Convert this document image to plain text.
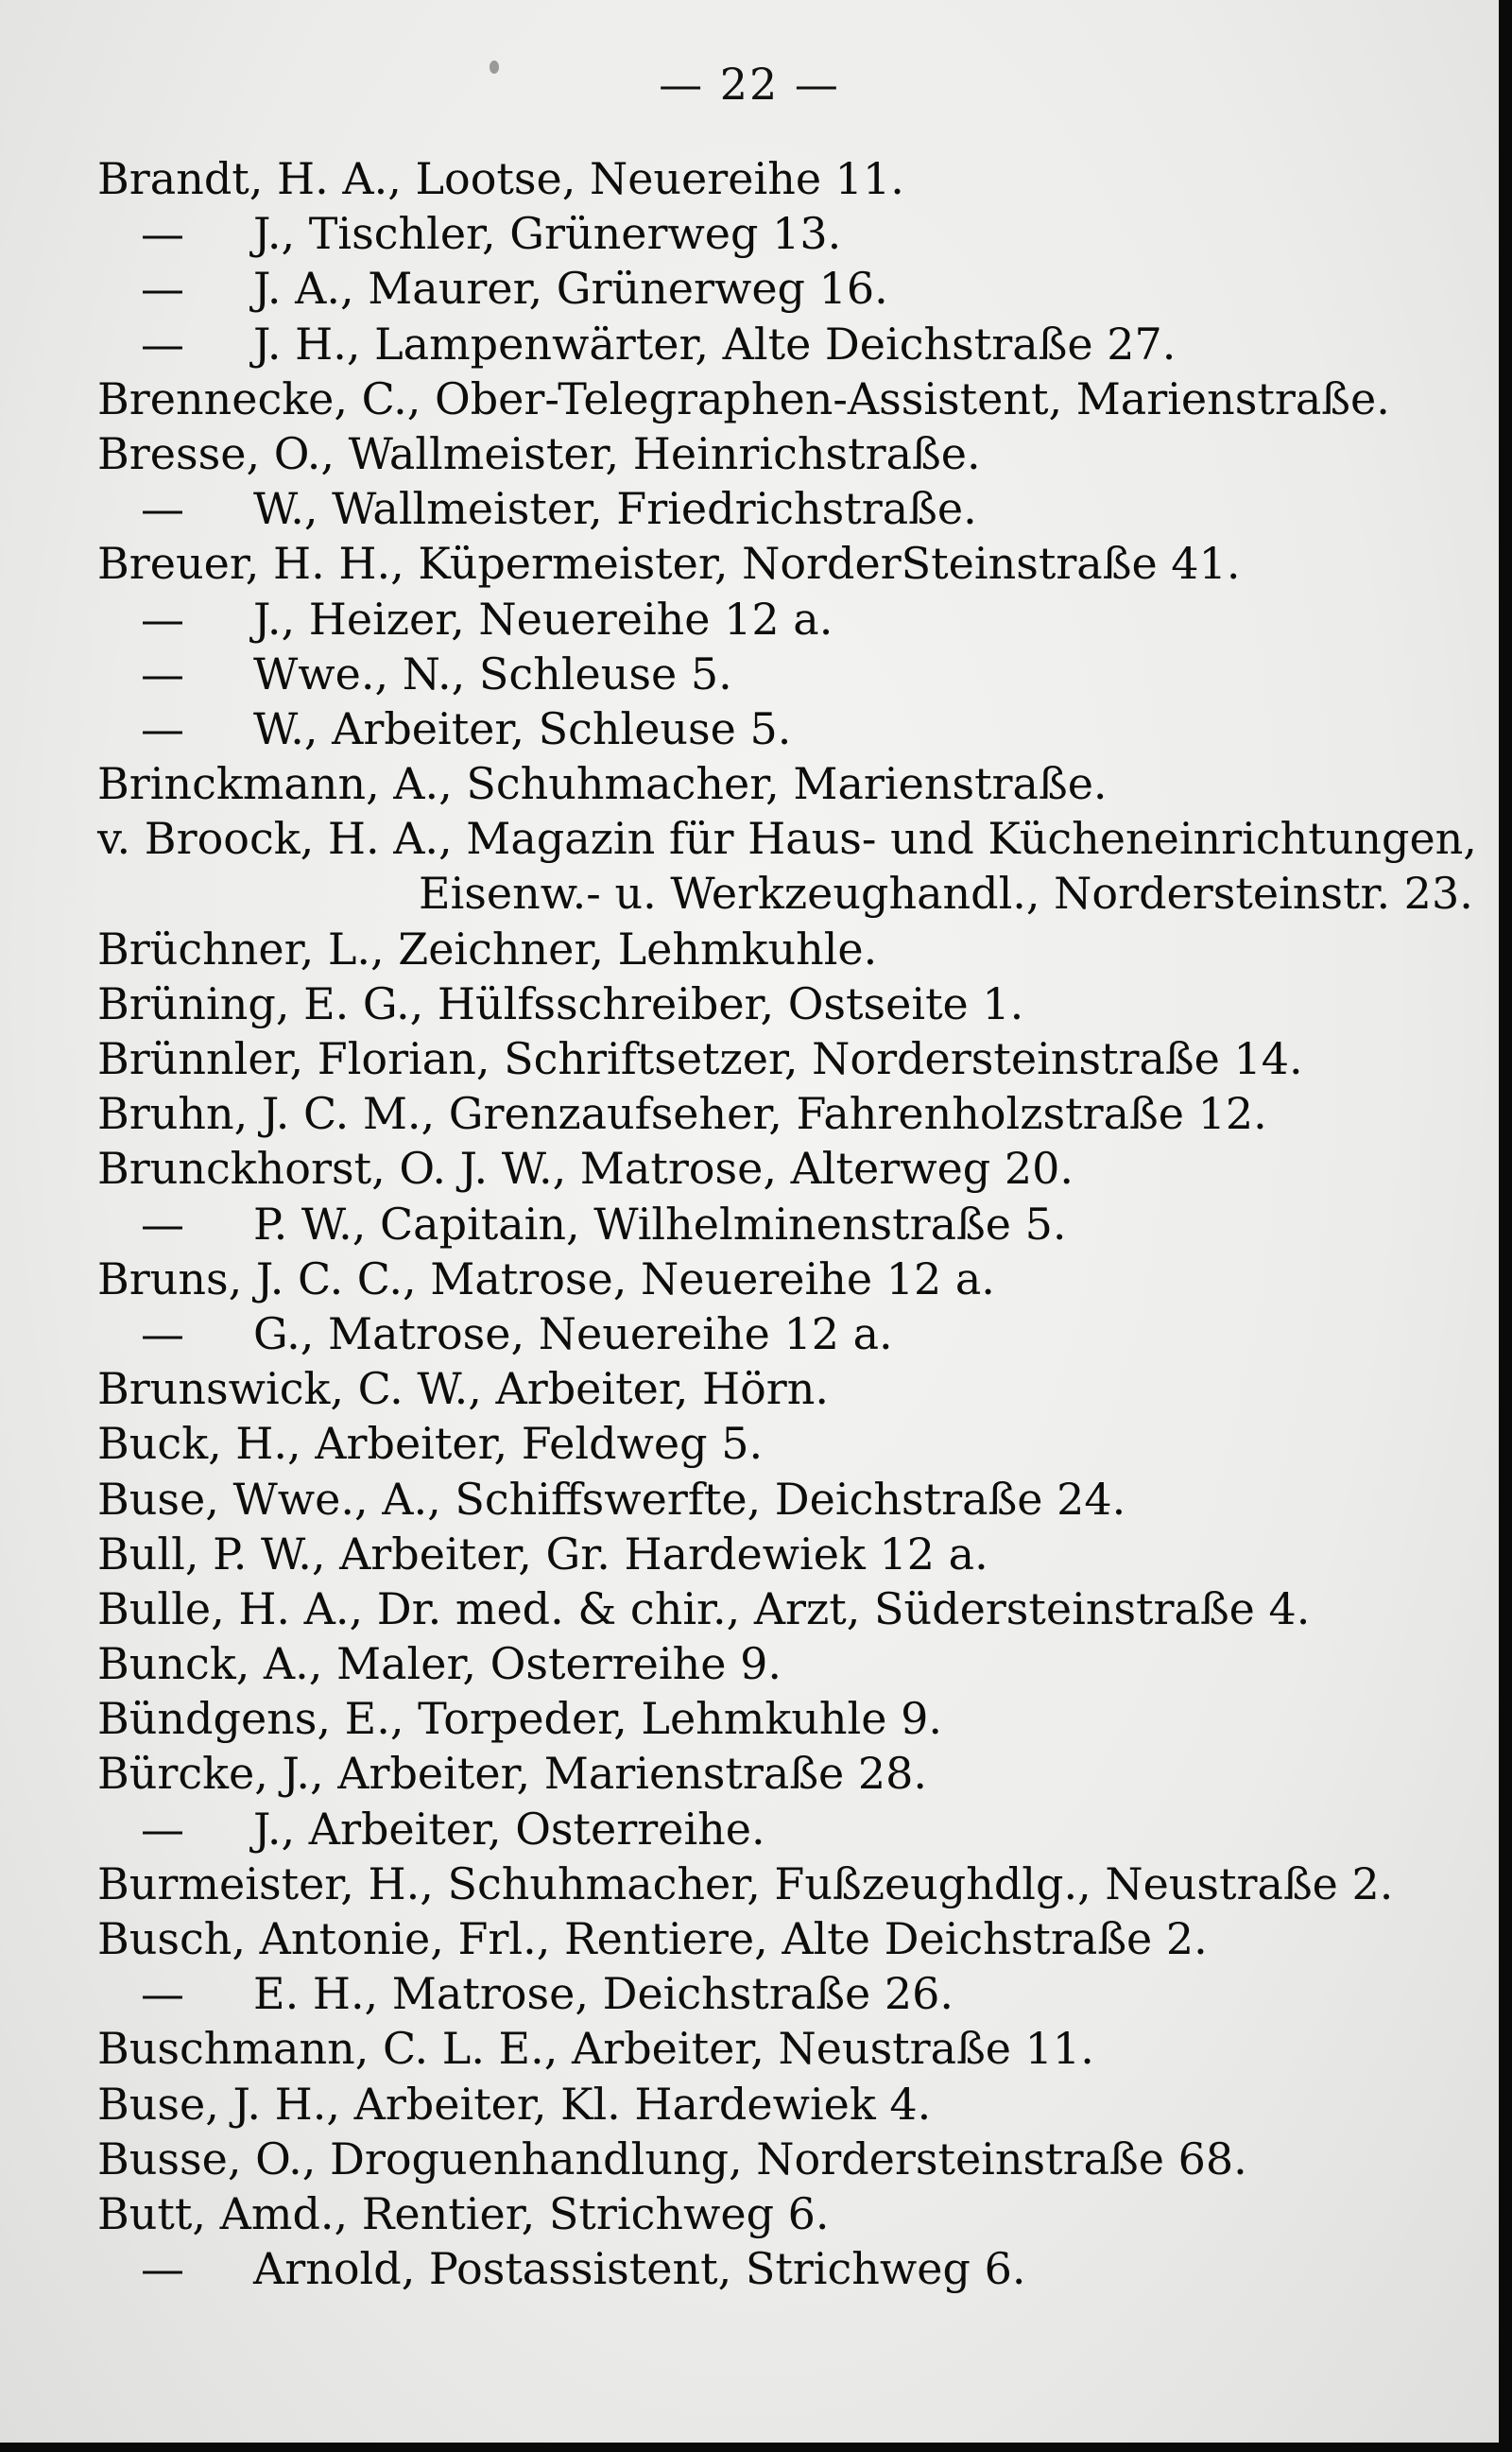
— 22 —
Brandt, H. A., Lootse, Neuereihe 11.
— J., Tischler, Grünerweg 13.
— J. A., Maurer, Grünerweg 16.
— J. H., Lampenwärter, Alte Deichstraße 27.
Brennecke, C., Ober-Telegraphen-Assistent, Marienstraße.
Bresse, O., Wallmeister, Heinrichstraße.
— W., Wallmeister, Friedrichstraße.
Breuer, H. H., Küpermeister, NorderSteinstraße 41.
— J., Heizer, Neuereihe 12 a.
— Wwe., N., Schleuse 5.
— W., Arbeiter, Schleuse 5.
Brinckmann, A., Schuhmacher, Marienstraße.
v. Broock, H. A., Magazin für Haus- und Kücheneinrichtungen,
Eisenw.- u. Werkzeughandl., Nordersteinstr. 23.
Brüchner, L., Zeichner, Lehmkuhle.
Brüning, E. G., Hülfsschreiber, Ostseite 1.
Brünnler, Florian, Schriftsetzer, Nordersteinstraße 14.
Bruhn, J. C. M., Grenzaufseher, Fahrenholzstraße 12.
Brunckhorst, O. J. W., Matrose, Alterweg 20.
— P. W., Capitain, Wilhelminenstraße 5.
Bruns, J. C. C., Matrose, Neuereihe 12 a.
— G., Matrose, Neuereihe 12 a.
Brunswick, C. W., Arbeiter, Hörn.
Buck, H., Arbeiter, Feldweg 5.
Buse, Wwe., A., Schiffswerfte, Deichstraße 24.
Bull, P. W., Arbeiter, Gr. Hardewiek 12 a.
Bulle, H. A., Dr. med. & chir., Arzt, Südersteinstraße 4.
Bunck, A., Maler, Osterreihe 9.
Bündgens, E., Torpeder, Lehmkuhle 9.
Bürcke, J., Arbeiter, Marienstraße 28.
— J., Arbeiter, Osterreihe.
Burmeister, H., Schuhmacher, Fußzeughdlg., Neustraße 2.
Busch, Antonie, Frl., Rentiere, Alte Deichstraße 2.
— E. H., Matrose, Deichstraße 26.
Buschmann, C. L. E., Arbeiter, Neustraße 11.
Buse, J. H., Arbeiter, Kl. Hardewiek 4.
Busse, O., Droguenhandlung, Nordersteinstraße 68.
Butt, Amd., Rentier, Strichweg 6.
— Arnold, Postassistent, Strichweg 6.
